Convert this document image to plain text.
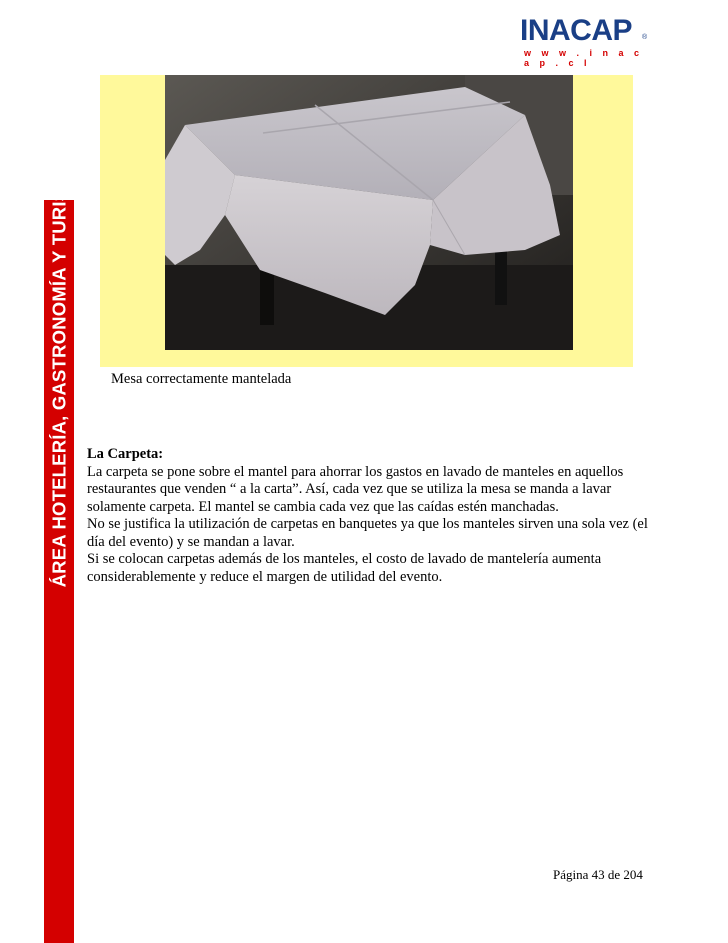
ÁREA HOTELERÍA, GASTRONOMÍA Y TURISMO
INACAP ®
w w w . i n a c a p . c l
Mesa correctamente mantelada
La Carpeta:

La carpeta se pone sobre el mantel para ahorrar los gastos en lavado de manteles en aquellos restaurantes que venden “ a la carta”. Así, cada vez que se utiliza la mesa se manda a lavar solamente carpeta. El mantel se cambia cada vez que las caídas estén manchadas.

No se justifica la utilización de carpetas en banquetes ya que los manteles sirven una sola vez (el día del evento) y se mandan a lavar.

Si se colocan carpetas además de los manteles, el costo de lavado de mantelería aumenta considerablemente y reduce el margen de utilidad del evento.

Página 43 de 204
